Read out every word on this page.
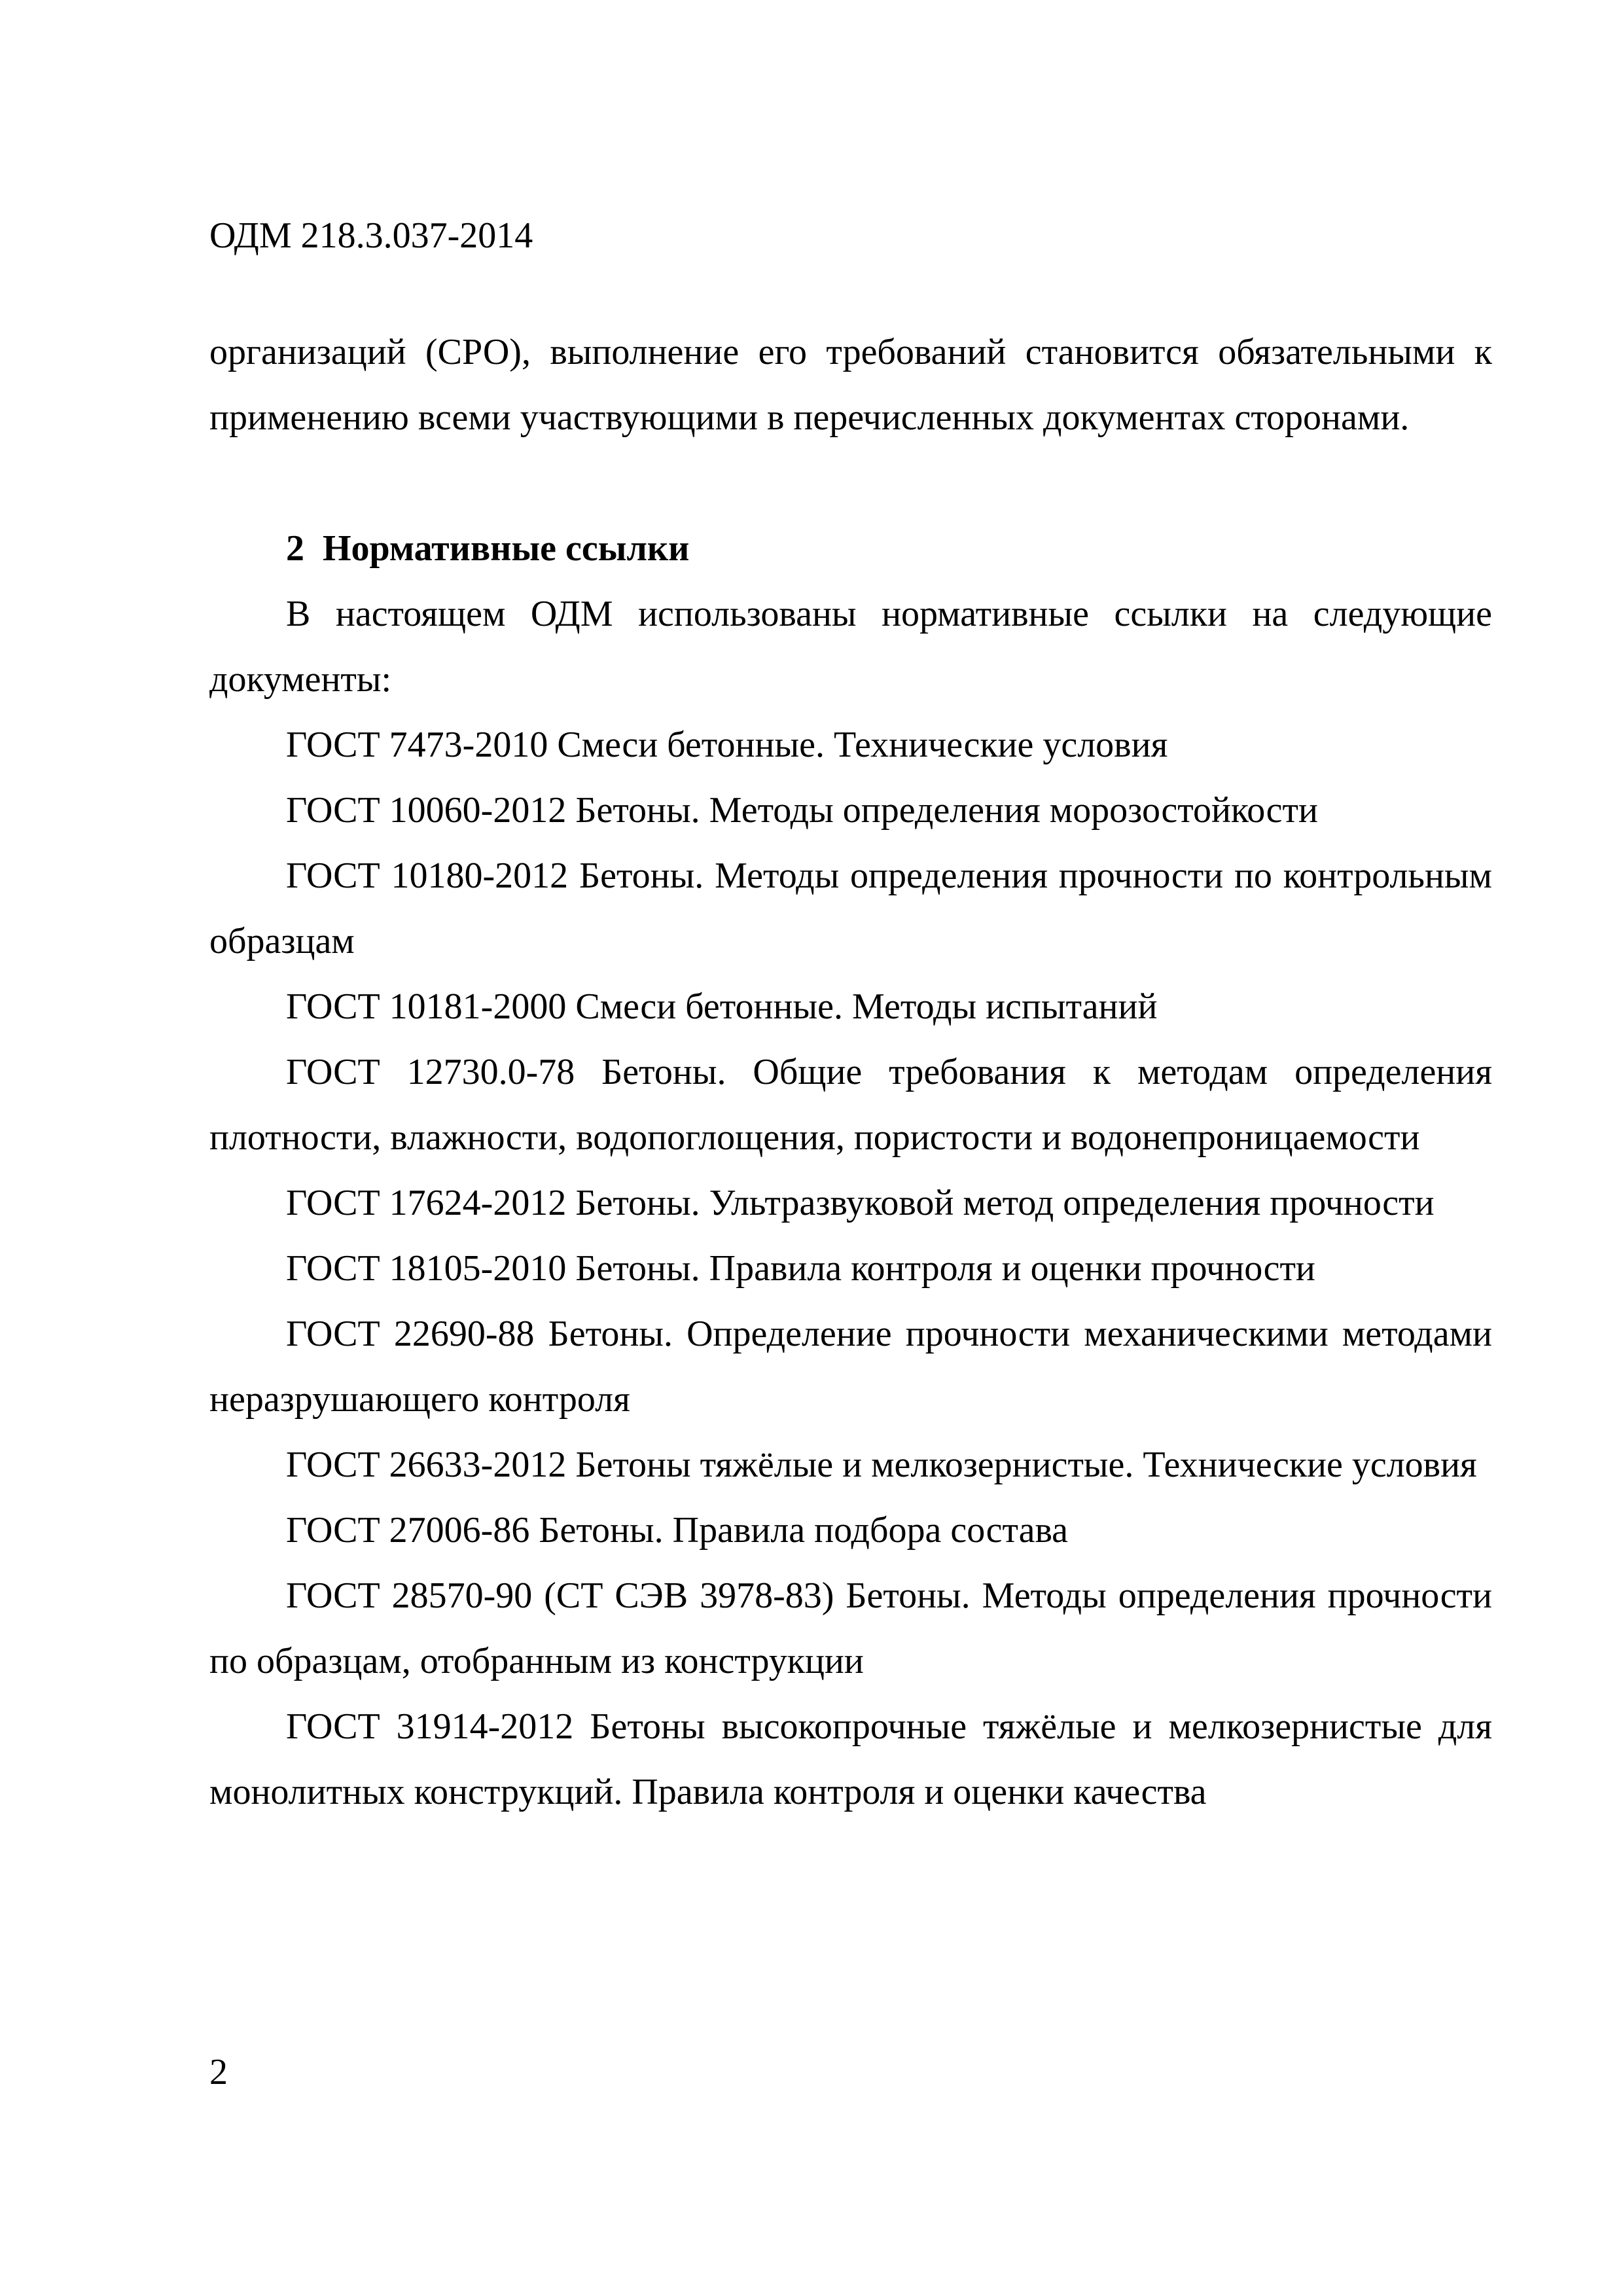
ОДМ 218.3.037-2014

организаций (СРО), выполнение его требований становится обязательными к применению всеми участвующими в перечисленных документах сторонами.

2 Нормативные ссылки

В настоящем ОДМ использованы нормативные ссылки на следующие документы:

ГОСТ 7473-2010 Смеси бетонные. Технические условия

ГОСТ 10060-2012 Бетоны. Методы определения морозостойкости

ГОСТ 10180-2012 Бетоны. Методы определения прочности по контрольным образцам

ГОСТ 10181-2000 Смеси бетонные. Методы испытаний

ГОСТ 12730.0-78 Бетоны. Общие требования к методам определения плотности, влажности, водопоглощения, пористости и водонепроницаемости

ГОСТ 17624-2012 Бетоны. Ультразвуковой метод определения прочности

ГОСТ 18105-2010 Бетоны. Правила контроля и оценки прочности

ГОСТ 22690-88 Бетоны. Определение прочности механическими методами неразрушающего контроля

ГОСТ 26633-2012 Бетоны тяжёлые и мелкозернистые. Технические условия

ГОСТ 27006-86 Бетоны. Правила подбора состава

ГОСТ 28570-90 (СТ СЭВ 3978-83) Бетоны. Методы определения прочности по образцам, отобранным из конструкции

ГОСТ 31914-2012 Бетоны высокопрочные тяжёлые и мелкозернистые для монолитных конструкций. Правила контроля и оценки качества

2
